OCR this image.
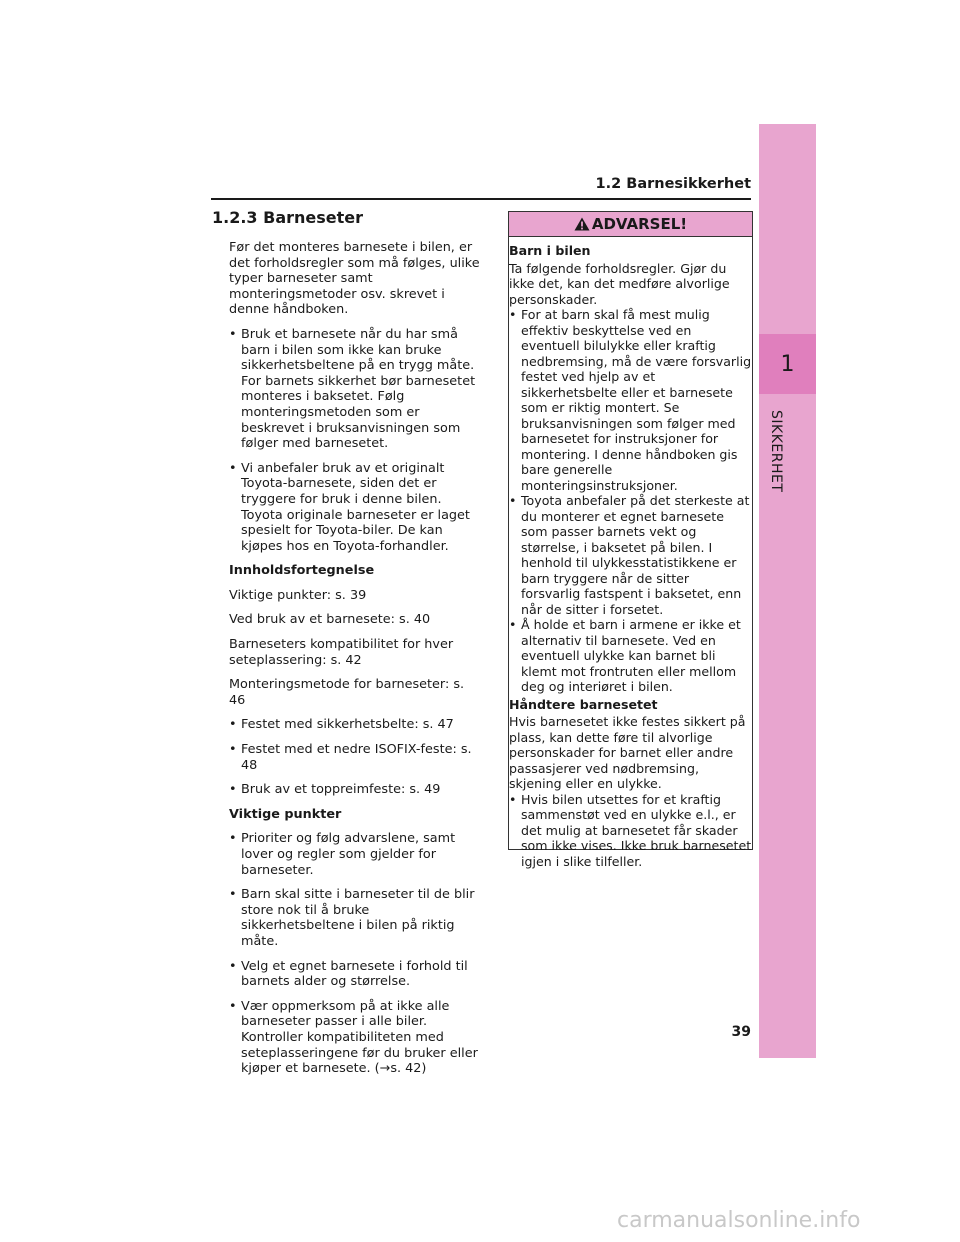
1
SIKKERHET
1.2 Barnesikkerhet
1.2.3 Barneseter

Før det monteres barnesete i bilen, er det forholdsregler som må følges, ulike typer barneseter samt monteringsmetoder osv. skrevet i denne håndboken.

• Bruk et barnesete når du har små barn i bilen som ikke kan bruke sikkerhetsbeltene på en trygg måte. For barnets sikkerhet bør barnesetet monteres i baksetet. Følg monteringsmetoden som er beskrevet i bruksanvisningen som følger med barnesetet.
• Vi anbefaler bruk av et originalt Toyota-barnesete, siden det er tryggere for bruk i denne bilen. Toyota originale barneseter er laget spesielt for Toyota-biler. De kan kjøpes hos en Toyota-forhandler.

Innholdsfortegnelse

Viktige punkter: s. 39

Ved bruk av et barnesete: s. 40

Barneseters kompatibilitet for hver seteplassering: s. 42

Monteringsmetode for barneseter: s. 46

• Festet med sikkerhetsbelte: s. 47
• Festet med et nedre ISOFIX-feste: s. 48
• Bruk av et toppreimfeste: s. 49

Viktige punkter

• Prioriter og følg advarslene, samt lover og regler som gjelder for barneseter.
• Barn skal sitte i barneseter til de blir store nok til å bruke sikkerhetsbeltene i bilen på riktig måte.
• Velg et egnet barnesete i forhold til barnets alder og størrelse.
• Vær oppmerksom på at ikke alle barneseter passer i alle biler. Kontroller kompatibiliteten med seteplasseringene før du bruker eller kjøper et barnesete. (→s. 42)
ADVARSEL!

Barn i bilen

Ta følgende forholdsregler. Gjør du ikke det, kan det medføre alvorlige personskader.

• For at barn skal få mest mulig effektiv beskyttelse ved en eventuell bilulykke eller kraftig nedbremsing, må de være forsvarlig festet ved hjelp av et sikkerhetsbelte eller et barnesete som er riktig montert. Se bruksanvisningen som følger med barnesetet for instruksjoner for montering. I denne håndboken gis bare generelle monteringsinstruksjoner.
• Toyota anbefaler på det sterkeste at du monterer et egnet barnesete som passer barnets vekt og størrelse, i baksetet på bilen. I henhold til ulykkesstatistikkene er barn tryggere når de sitter forsvarlig fastspent i baksetet, enn når de sitter i forsetet.
• Å holde et barn i armene er ikke et alternativ til barnesete. Ved en eventuell ulykke kan barnet bli klemt mot frontruten eller mellom deg og interiøret i bilen.

Håndtere barnesetet

Hvis barnesetet ikke festes sikkert på plass, kan dette føre til alvorlige personskader for barnet eller andre passasjerer ved nødbremsing, skjening eller en ulykke.

• Hvis bilen utsettes for et kraftig sammenstøt ved en ulykke e.l., er det mulig at barnesetet får skader som ikke vises. Ikke bruk barnesetet igjen i slike tilfeller.
39
carmanualsonline.info
